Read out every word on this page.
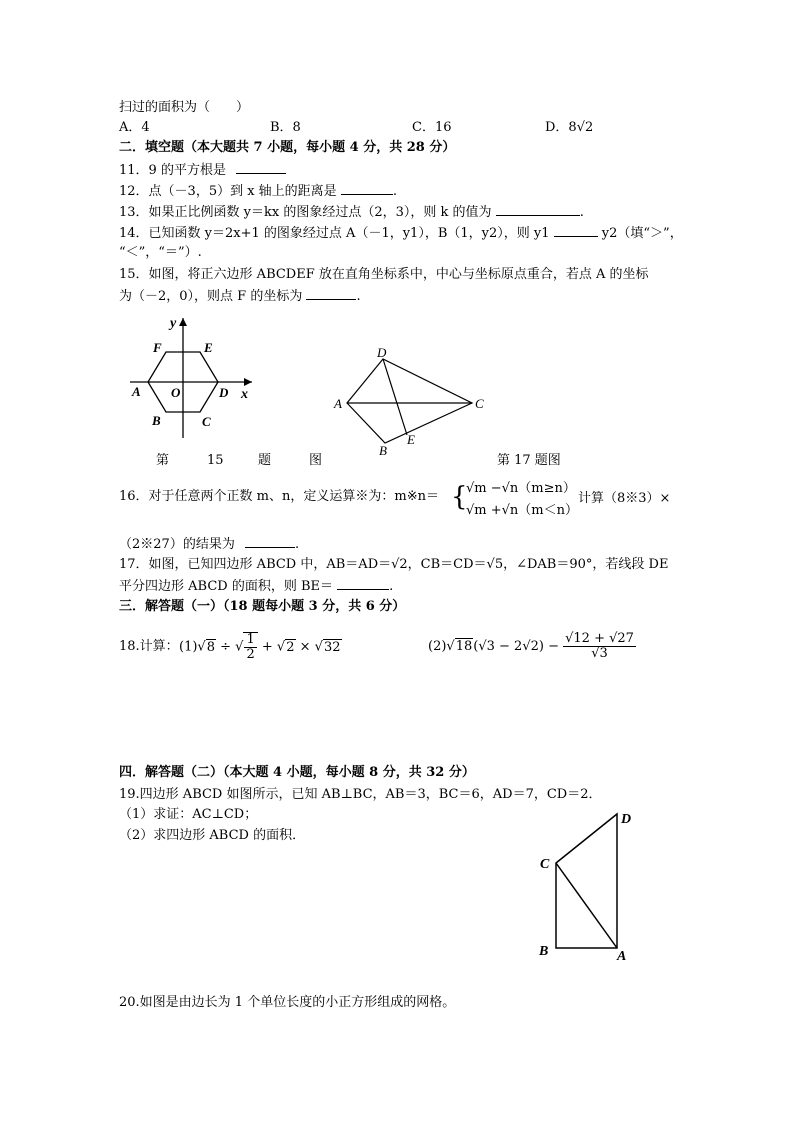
扫过的面积为（　　）
A．4	B．8	C．16	D．8√2
二．填空题（本大题共 7 小题，每小题 4 分，共 28 分）
11．9 的平方根是
12．点（－3，5）到 x 轴上的距离是	.
13．如果正比例函数 y＝kx 的图象经过点（2，3），则 k 的值为	.
14．已知函数 y＝2x+1 的图象经过点 A（－1，y1），B（1，y2），则 y1	y2（填“＞”，
“＜”，“＝”）.
15．如图，将正六边形 ABCDEF 放在直角坐标系中，中心与坐标原点重合，若点 A 的坐标
为（－2，0），则点 F 的坐标为	.
y
x
F	E
A O	D
B	C
第	15	题	图
D
A	C
E
B
第 17 题图
16．对于任意两个正数 m、n，定义运算※为：m※n＝ {
√m −√n（m≥n）
√m +√n（m＜n）
计算（8※3）×
（2※27）的结果为	.
17．如图，已知四边形 ABCD 中，AB＝AD＝√2，CB＝CD＝√5，∠DAB＝90°，若线段 DE
平分四边形 ABCD 的面积，则 BE＝	.
三．解答题（一）（18 题每小题 3 分，共 6 分）
18.计算： (1)√8 ÷ √ $\frac{1}{2} + √2 \times √32$	$(2)√18(√3 - 2√2) - \frac{√12 + √27}{√3}$
四．解答题（二）（本大题 4 小题，每小题 8 分，共 32 分）
19.四边形 ABCD 如图所示，已知 AB⊥BC，AB＝3，BC＝6，AD＝7，CD＝2．
（1）求证：AC⊥CD；
（2）求四边形 ABCD 的面积．
C
D
B	A
20.如图是由边长为 1 个单位长度的小正方形组成的网格。
